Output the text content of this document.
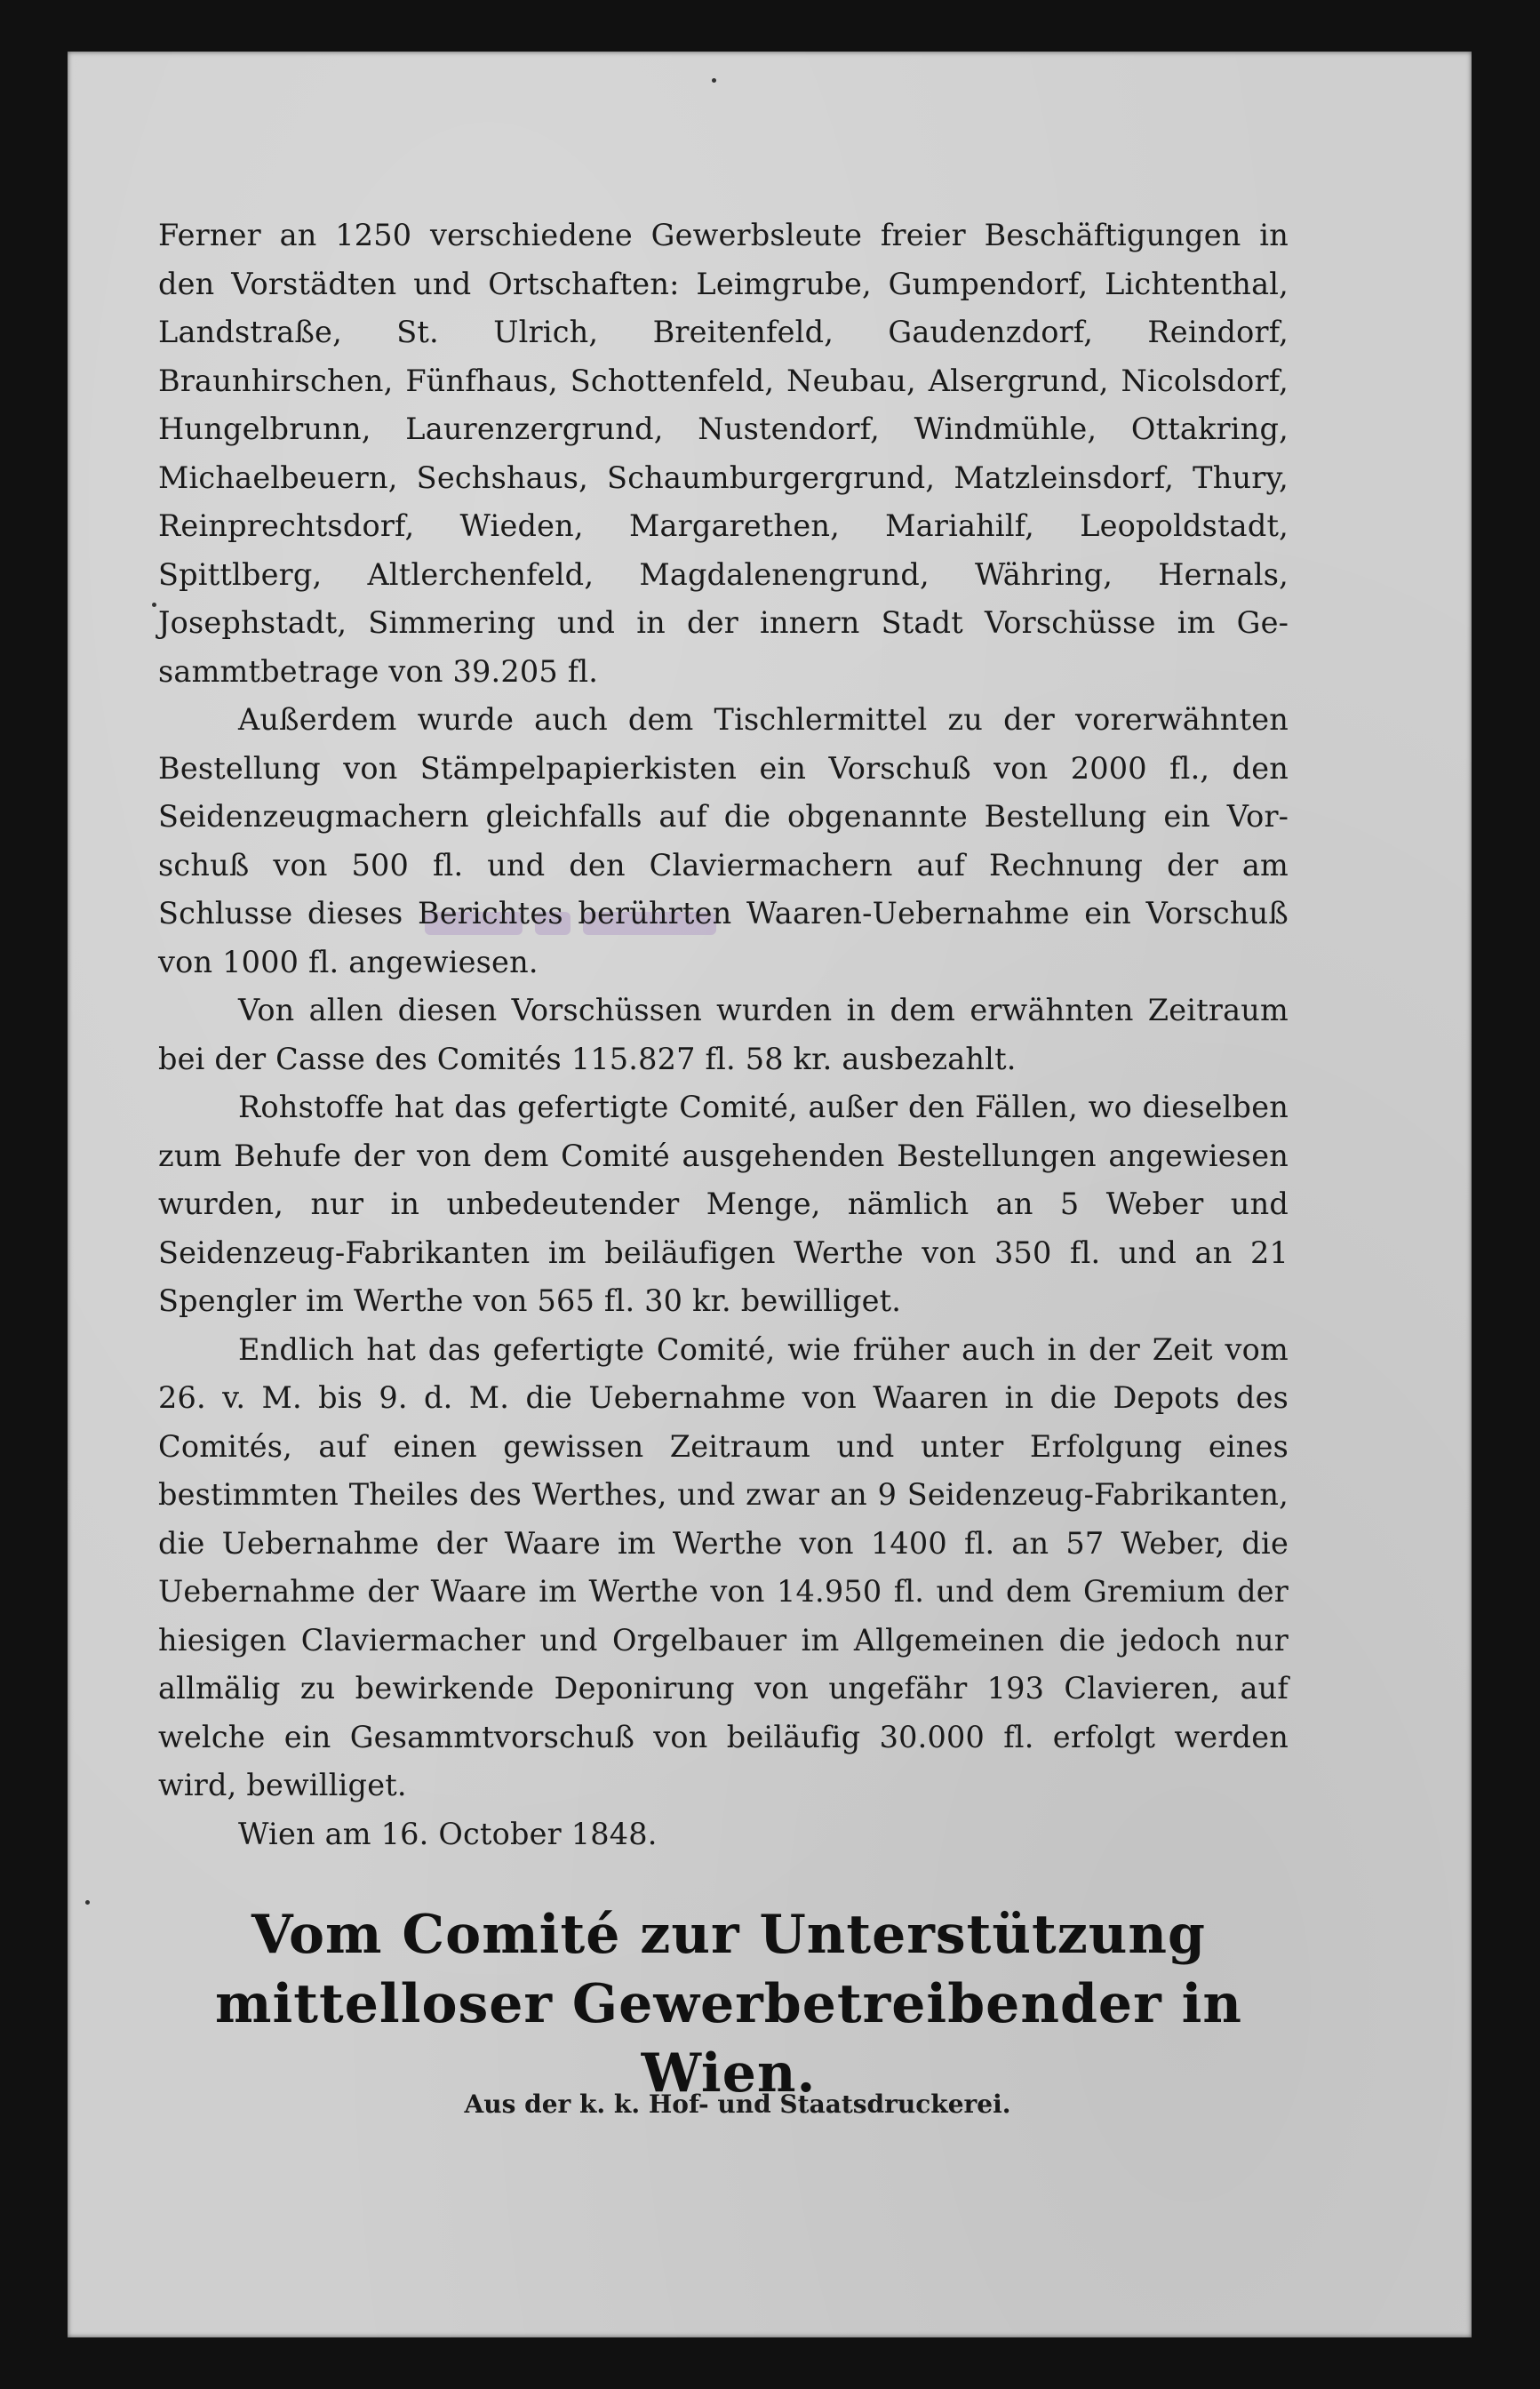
Ferner an 1250 verschiedene Gewerbsleute freier Beschäftigungen in den Vorstädten und Ortschaften: Leimgrube, Gumpendorf, Lichtenthal, Landstraße, St. Ulrich, Breitenfeld, Gaudenzdorf, Reindorf, Braunhirschen, Fünfhaus, Schottenfeld, Neubau, Alsergrund, Nicolsdorf, Hungelbrunn, Laurenzergrund, Nustendorf, Windmühle, Ottakring, Michaelbeuern, Sechshaus, Schaumburgergrund, Matzleinsdorf, Thury, Reinprechtsdorf, Wieden, Margarethen, Mariahilf, Leopoldstadt, Spittlberg, Altlerchenfeld, Magdalenengrund, Währing, Hernals, Josephstadt, Simmering und in der innern Stadt Vorschüsse im Gesammtbetrage von 39.205 fl.

Außerdem wurde auch dem Tischlermittel zu der vorerwähnten Bestellung von Stämpelpapierkisten ein Vorschuß von 2000 fl., den Seidenzeugmachern gleichfalls auf die obgenannte Bestellung ein Vorschuß von 500 fl. und den Claviermachern auf Rechnung der am Schlusse dieses Berichtes berührten Waaren-Uebernahme ein Vorschuß von 1000 fl. angewiesen.

Von allen diesen Vorschüssen wurden in dem erwähnten Zeitraum bei der Casse des Comités 115.827 fl. 58 kr. ausbezahlt.

Rohstoffe hat das gefertigte Comité, außer den Fällen, wo dieselben zum Behufe der von dem Comité ausgehenden Bestellungen angewiesen wurden, nur in unbedeutender Menge, nämlich an 5 Weber und Seidenzeug-Fabrikanten im beiläufigen Werthe von 350 fl. und an 21 Spengler im Werthe von 565 fl. 30 kr. bewilliget.

Endlich hat das gefertigte Comité, wie früher auch in der Zeit vom 26. v. M. bis 9. d. M. die Uebernahme von Waaren in die Depots des Comités, auf einen gewissen Zeitraum und unter Erfolgung eines bestimmten Theiles des Werthes, und zwar an 9 Seidenzeug-Fabrikanten, die Uebernahme der Waare im Werthe von 1400 fl. an 57 Weber, die Uebernahme der Waare im Werthe von 14.950 fl. und dem Gremium der hiesigen Claviermacher und Orgelbauer im Allgemeinen die jedoch nur allmälig zu bewirkende Deponirung von ungefähr 193 Clavieren, auf welche ein Gesammtvorschuß von beiläufig 30.000 fl. erfolgt werden wird, bewilliget.

Wien am 16. October 1848.

Vom Comité zur Unterstützung mittelloser Gewerbetreibender in Wien.
Aus der k. k. Hof- und Staatsdruckerei.
